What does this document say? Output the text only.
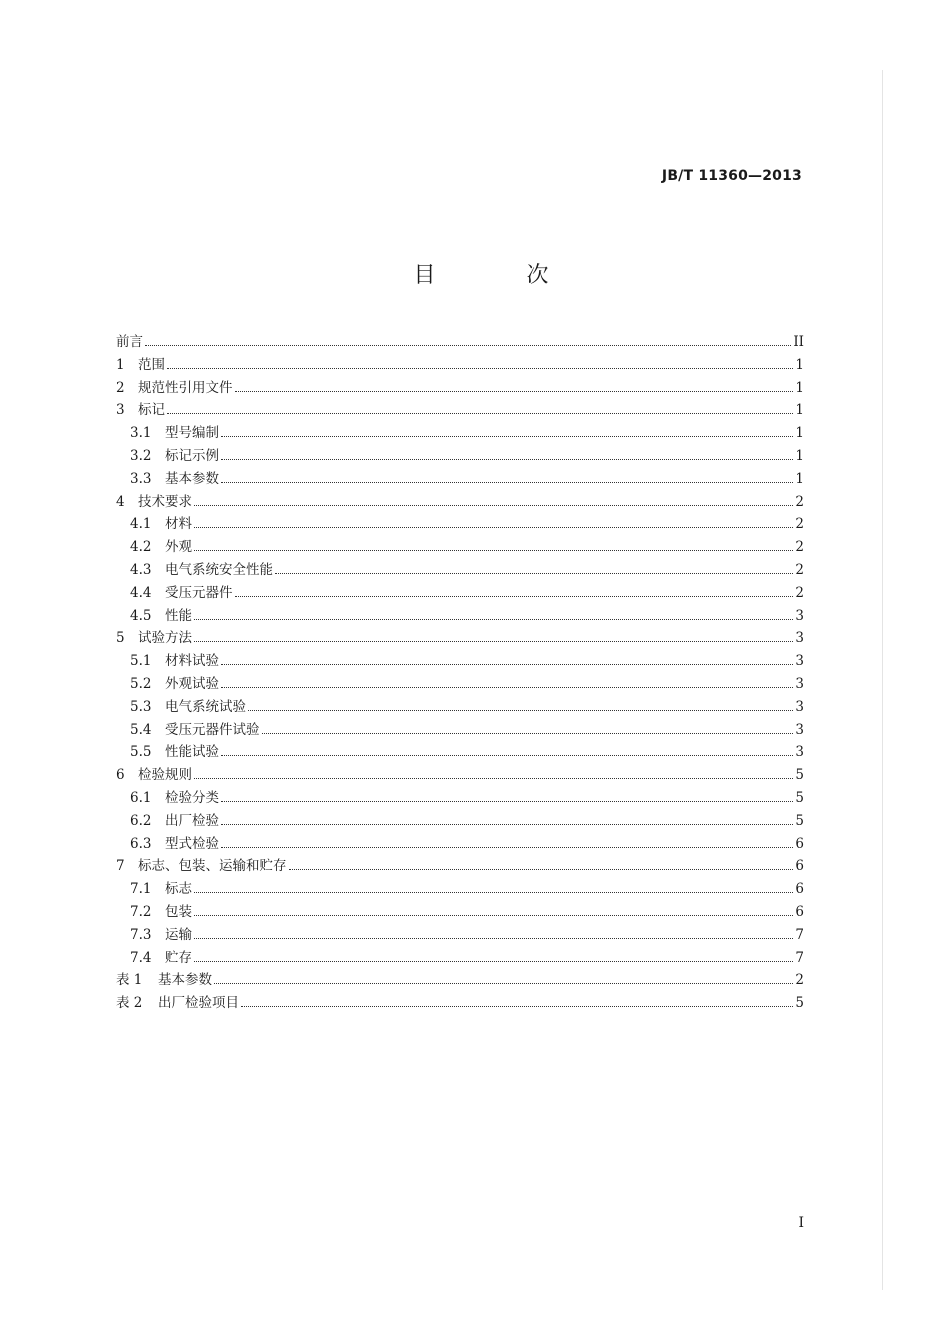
JB/T 11360—2013
目 次
前言	II
1 范围	1
2 规范性引用文件	1
3 标记	1
3.1	型号编制	1
3.2	标记示例	1
3.3	基本参数	1
4 技术要求	2
4.1	材料	2
4.2	外观	2
4.3	电气系统安全性能	2
4.4	受压元器件	2
4.5	性能	3
5 试验方法	3
5.1	材料试验	3
5.2	外观试验	3
5.3	电气系统试验	3
5.4	受压元器件试验	3
5.5	性能试验	3
6 检验规则	5
6.1	检验分类	5
6.2	出厂检验	5
6.3	型式检验	6
7 标志、包装、运输和贮存	6
7.1	标志	6
7.2	包装	6
7.3	运输	7
7.4	贮存	7
表 1	基本参数	2
表 2	出厂检验项目	5
I
